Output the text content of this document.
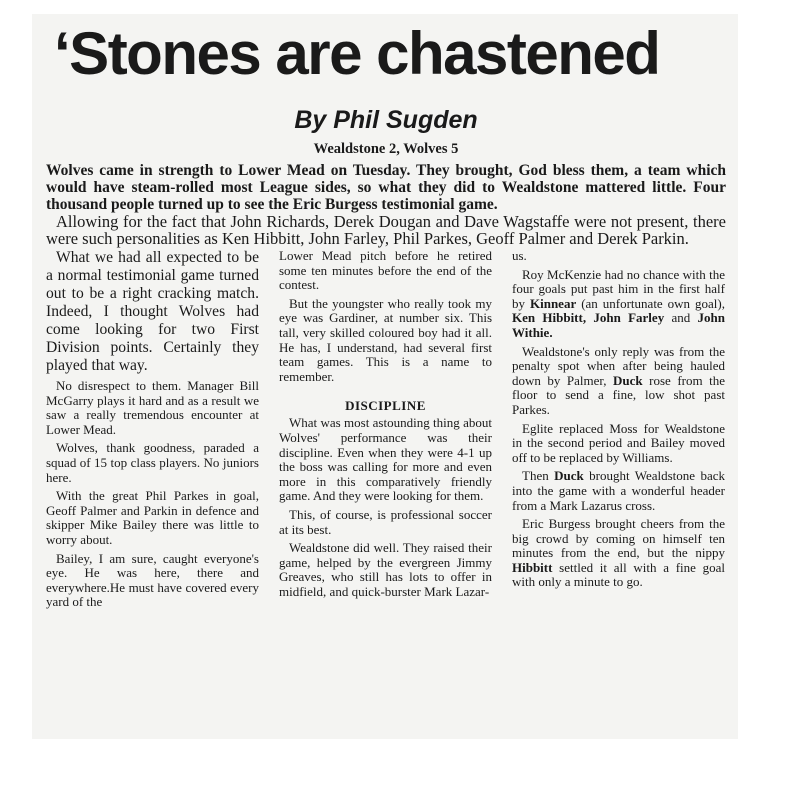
‘Stones are chastened
By Phil Sugden
Wealdstone 2, Wolves 5

Wolves came in strength to Lower Mead on Tuesday. They brought, God bless them, a team which would have steam-rolled most League sides, so what they did to Wealdstone mattered little. Four thousand people turned up to see the Eric Burgess testimonial game.

Allowing for the fact that John Richards, Derek Dougan and Dave Wagstaffe were not present, there were such personalities as Ken Hibbitt, John Farley, Phil Parkes, Geoff Palmer and Derek Parkin.

What we had all expected to be a normal testimonial game turned out to be a right cracking match. Indeed, I thought Wolves had come looking for two First Division points. Certainly they played that way.

No disrespect to them. Manager Bill McGarry plays it hard and as a result we saw a really tremendous encounter at Lower Mead.

Wolves, thank goodness, paraded a squad of 15 top class players. No juniors here.

With the great Phil Parkes in goal, Geoff Palmer and Parkin in defence and skipper Mike Bailey there was little to worry about.

Bailey, I am sure, caught everyone's eye. He was here, there and everywhere.He must have covered every yard of the

Lower Mead pitch before he retired some ten minutes before the end of the contest.

But the youngster who really took my eye was Gardiner, at number six. This tall, very skilled coloured boy had it all. He has, I understand, had several first team games. This is a name to remember.

DISCIPLINE

What was most astounding thing about Wolves' performance was their discipline. Even when they were 4-1 up the boss was calling for more and even more in this comparatively friendly game. And they were looking for them.

This, of course, is professional soccer at its best.

Wealdstone did well. They raised their game, helped by the evergreen Jimmy Greaves, who still has lots to offer in midfield, and quick-burster Mark Lazar-

us.

Roy McKenzie had no chance with the four goals put past him in the first half by Kinnear (an unfortunate own goal), Ken Hibbitt, John Farley and John Withie.

Wealdstone's only reply was from the penalty spot when after being hauled down by Palmer, Duck rose from the floor to send a fine, low shot past Parkes.

Eglite replaced Moss for Wealdstone in the second period and Bailey moved off to be replaced by Williams.

Then Duck brought Wealdstone back into the game with a wonderful header from a Mark Lazarus cross.

Eric Burgess brought cheers from the big crowd by coming on himself ten minutes from the end, but the nippy Hibbitt settled it all with a fine goal with only a minute to go.
